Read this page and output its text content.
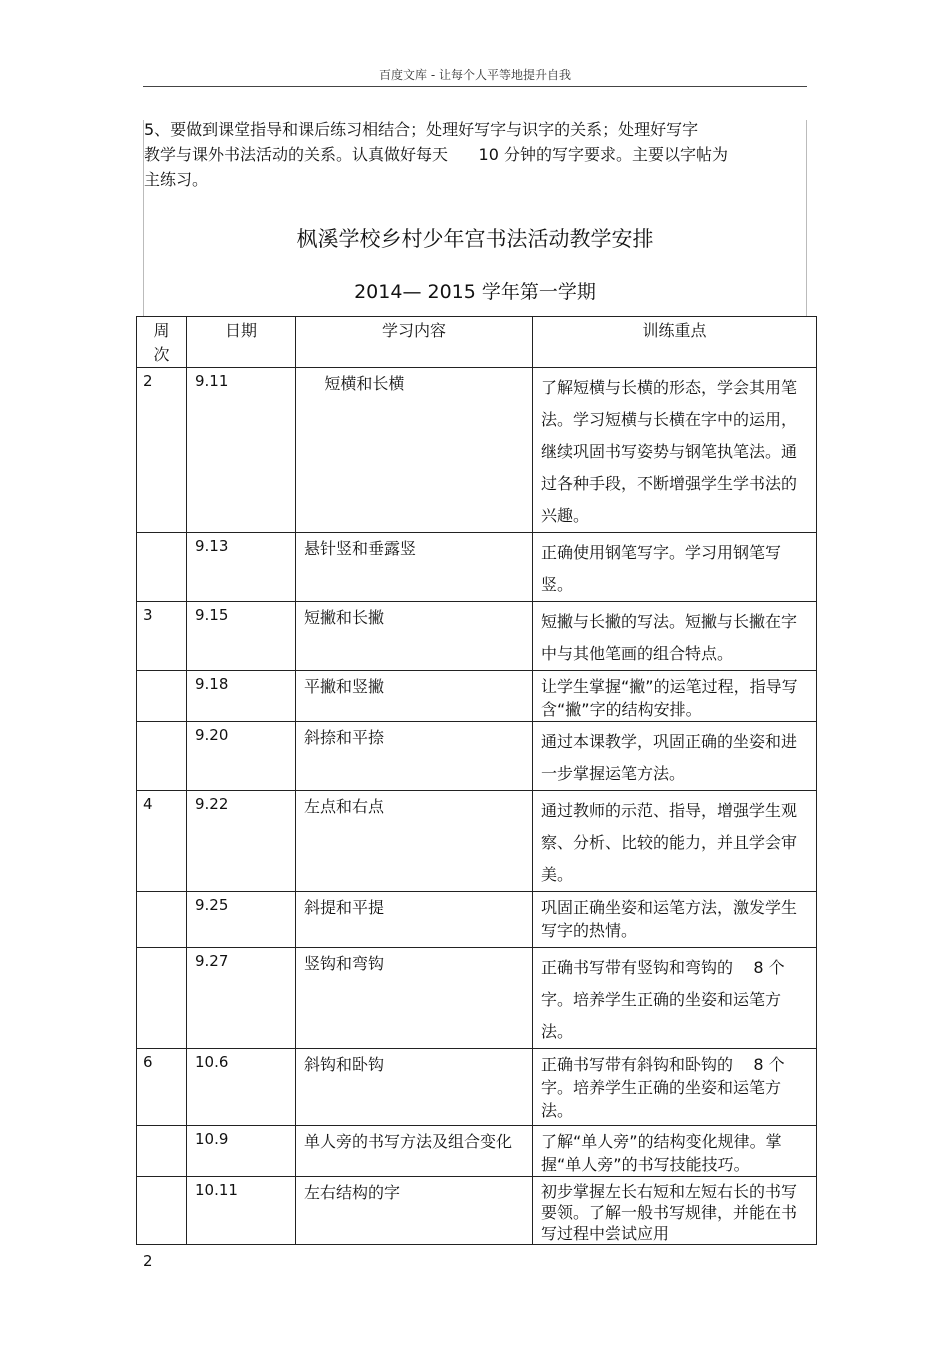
百度文库 - 让每个人平等地提升自我
5、要做到课堂指导和课后练习相结合；处理好写字与识字的关系；处理好写字
教学与课外书法活动的关系。认真做好每天      10 分钟的写字要求。主要以字帖为
主练习。
枫溪学校乡村少年宫书法活动教学安排
2014— 2015 学年第一学期
周
次	日期	学习内容	训练重点
2	9.11	短横和长横	了解短横与长横的形态，学会其用笔法。学习短横与长横在字中的运用，继续巩固书写姿势与钢笔执笔法。通过各种手段，不断增强学生学书法的兴趣。
	9.13	悬针竖和垂露竖	正确使用钢笔写字。学习用钢笔写竖。
3	9.15	短撇和长撇	短撇与长撇的写法。短撇与长撇在字中与其他笔画的组合特点。
	9.18	平撇和竖撇	让学生掌握“撇”的运笔过程，指导写含“撇”字的结构安排。
	9.20	斜捺和平捺	通过本课教学，巩固正确的坐姿和进一步掌握运笔方法。
4	9.22	左点和右点	通过教师的示范、指导，增强学生观察、分析、比较的能力，并且学会审美。
	9.25	斜提和平提	巩固正确坐姿和运笔方法，激发学生写字的热情。
	9.27	竖钩和弯钩	正确书写带有竖钩和弯钩的    8 个字。培养学生正确的坐姿和运笔方法。
6	10.6	斜钩和卧钩	正确书写带有斜钩和卧钩的    8 个字。培养学生正确的坐姿和运笔方法。
	10.9	单人旁的书写方法及组合变化	了解“单人旁”的结构变化规律。掌握“单人旁”的书写技能技巧。
	10.11	左右结构的字	初步掌握左长右短和左短右长的书写要领。了解一般书写规律，并能在书写过程中尝试应用
2
